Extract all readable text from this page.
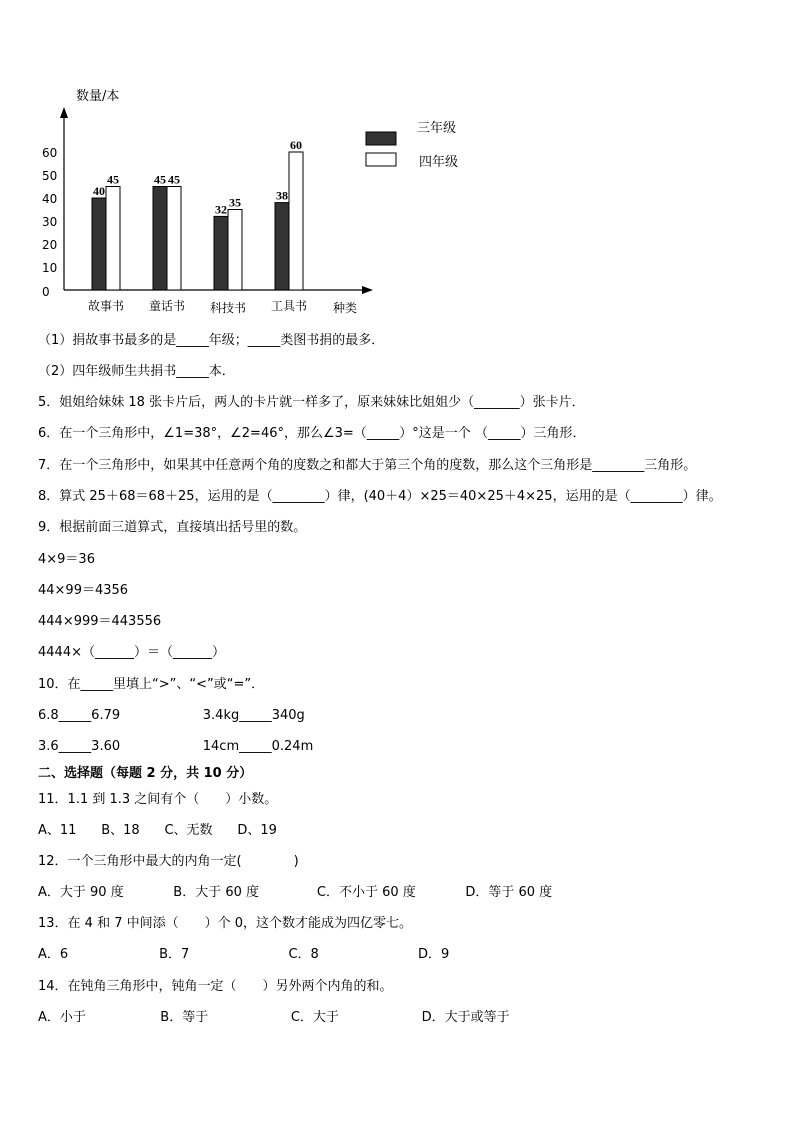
数量/本
种类
0
10
20
30
40
50
60
40
45	45 45
32 35	38
60
故事书 童话书 科技书 工具书
三年级
四年级
（1）捐故事书最多的是_____年级；_____类图书捐的最多．
（2）四年级师生共捐书_____本．
5．姐姐给妹妹 18 张卡片后，两人的卡片就一样多了，原来妹妹比姐姐少（_______）张卡片．
6．在一个三角形中，∠1=38°，∠2=46°，那么∠3=（_____）°这是一个 （_____）三角形．
7．在一个三角形中，如果其中任意两个角的度数之和都大于第三个角的度数，那么这个三角形是________三角形。
8．算式 25＋68＝68＋25，运用的是（________）律，(40＋4）×25＝40×25＋4×25，运用的是（________）律。
9．根据前面三道算式，直接填出括号里的数。
4×9＝36
44×99＝4356
444×999＝443556
4444×（______）＝（______）
10．在_____里填上“>”、“<”或“=”．
6.8_____6.79                    3.4kg_____340g
3.6_____3.60                    14cm_____0.24m
二、选择题（每题 2 分，共 10 分）
11．1.1 到 1.3 之间有个（　　）小数。
A、11      B、18      C、无数      D、19
12．一个三角形中最大的内角一定(　　　　)
A．大于 90 度            B．大于 60 度              C．不小于 60 度            D．等于 60 度
13．在 4 和 7 中间添（　　）个 0，这个数才能成为四亿零七。
A．6                      B．7                        C．8                        D．9
14．在钝角三角形中，钝角一定（　　）另外两个内角的和。
A．小于                  B．等于                    C．大于                    D．大于或等于
